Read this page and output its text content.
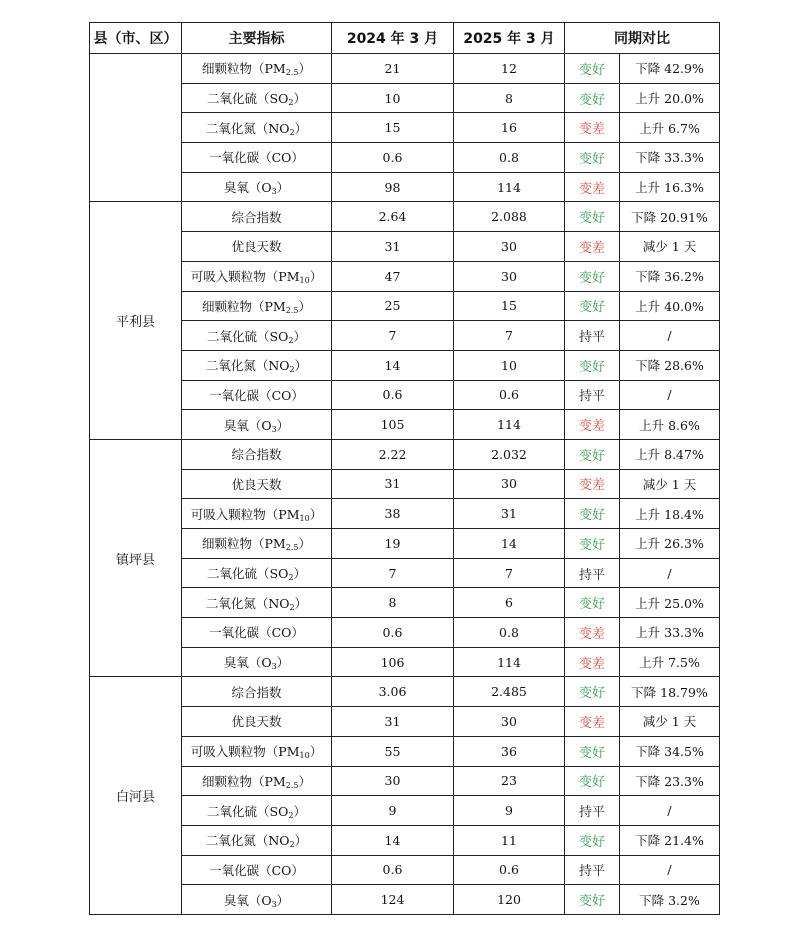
县（市、区）	主要指标	2024 年 3 月	2025 年 3 月	同期对比	
	细颗粒物$(PM_{2.5})$	21	12	变好	下降 42.9%
	二氧化硫$(SO_2)$	10	8	变好	上升 20.0%
	二氧化氮$(NO_2)$	15	16	变差	上升 6.7%
	一氧化碳（CO）	0.6	0.8	变好	下降 33.3%
	臭氧$(O_3)$	98	114	变差	上升 16.3%
平利县	综合指数	2.64	2.088	变好	下降 20.91%
	优良天数	31	30	变差	减少 1 天
	可吸入颗粒物$(PM_{10})$	47	30	变好	下降 36.2%
	细颗粒物$(PM_{2.5})$	25	15	变好	上升 40.0%
	二氧化硫$(SO_2)$	7	7	持平	/
	二氧化氮$(NO_2)$	14	10	变好	下降 28.6%
	一氧化碳（CO）	0.6	0.6	持平	/
	臭氧$(O_3)$	105	114	变差	上升 8.6%
镇坪县	综合指数	2.22	2.032	变好	上升 8.47%
	优良天数	31	30	变差	减少 1 天
	可吸入颗粒物$(PM_{10})$	38	31	变好	上升 18.4%
	细颗粒物$(PM_{2.5})$	19	14	变好	上升 26.3%
	二氧化硫$(SO_2)$	7	7	持平	/
	二氧化氮$(NO_2)$	8	6	变好	上升 25.0%
	一氧化碳（CO）	0.6	0.8	变差	上升 33.3%
	臭氧$(O_3)$	106	114	变差	上升 7.5%
白河县	综合指数	3.06	2.485	变好	下降 18.79%
	优良天数	31	30	变差	减少 1 天
	可吸入颗粒物$(PM_{10})$	55	36	变好	下降 34.5%
	细颗粒物$(PM_{2.5})$	30	23	变好	下降 23.3%
	二氧化硫$(SO_2)$	9	9	持平	/
	二氧化氮$(NO_2)$	14	11	变好	下降 21.4%
	一氧化碳（CO）	0.6	0.6	持平	/
	臭氧$(O_3)$	124	120	变好	下降 3.2%
